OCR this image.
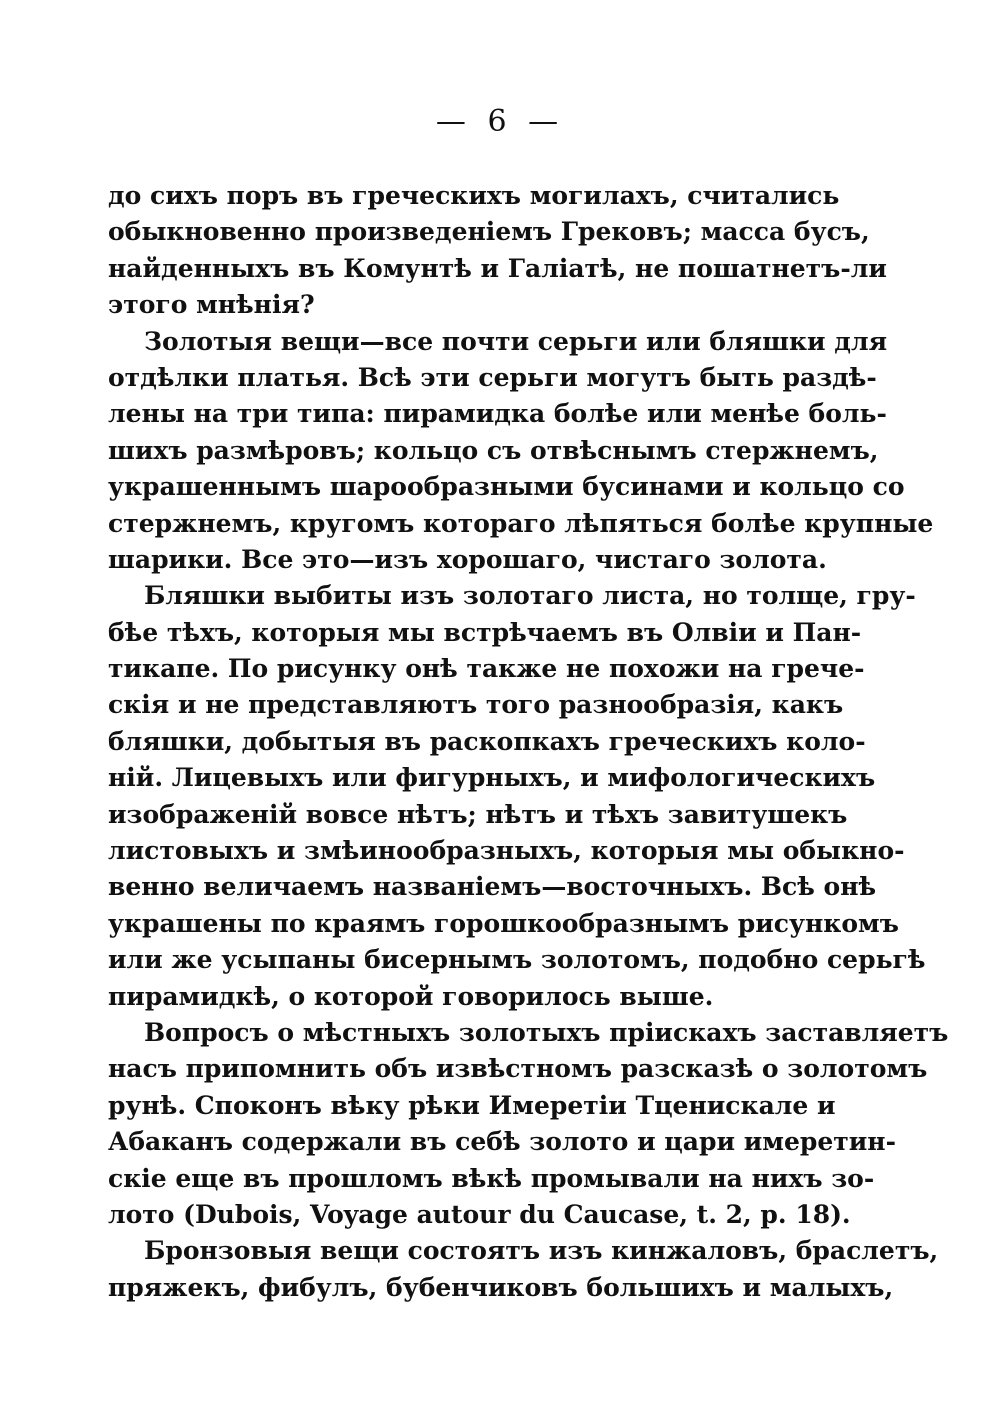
— 6 —
до сихъ поръ въ греческихъ могилахъ, считались
обыкновенно произведеніемъ Грековъ; масса бусъ,
найденныхъ въ Комунтѣ и Галіатѣ, не пошатнетъ-ли
этого мнѣнія?
Золотыя вещи—все почти серьги или бляшки для
отдѣлки платья. Всѣ эти серьги могутъ быть раздѣ-
лены на три типа: пирамидка болѣе или менѣе боль-
шихъ размѣровъ; кольцо съ отвѣснымъ стержнемъ,
украшеннымъ шарообразными бусинами и кольцо со
стержнемъ, кругомъ котораго лѣпяться болѣе крупные
шарики. Все это—изъ хорошаго, чистаго золота.
Бляшки выбиты изъ золотаго листа, но толще, гру-
бѣе тѣхъ, которыя мы встрѣчаемъ въ Олвіи и Пан-
тикапе. По рисунку онѣ также не похожи на грече-
скія и не представляютъ того разнообразія, какъ
бляшки, добытыя въ раскопкахъ греческихъ коло-
ній. Лицевыхъ или фигурныхъ, и мифологическихъ
изображеній вовсе нѣтъ; нѣтъ и тѣхъ завитушекъ
листовыхъ и змѣинообразныхъ, которыя мы обыкно-
венно величаемъ названіемъ—восточныхъ. Всѣ онѣ
украшены по краямъ горошкообразнымъ рисункомъ
или же усыпаны бисернымъ золотомъ, подобно серьгѣ
пирамидкѣ, о которой говорилось выше.
Вопросъ о мѣстныхъ золотыхъ пріискахъ заставляетъ
насъ припомнить объ извѣстномъ разсказѣ о золотомъ
рунѣ. Споконъ вѣку рѣки Имеретіи Тценискале и
Абаканъ содержали въ себѣ золото и цари имеретин-
скіе еще въ прошломъ вѣкѣ промывали на нихъ зо-
лото (Dubois, Voyage autour du Caucase, t. 2, p. 18).
Бронзовыя вещи состоятъ изъ кинжаловъ, браслетъ,
пряжекъ, фибулъ, бубенчиковъ большихъ и малыхъ,
